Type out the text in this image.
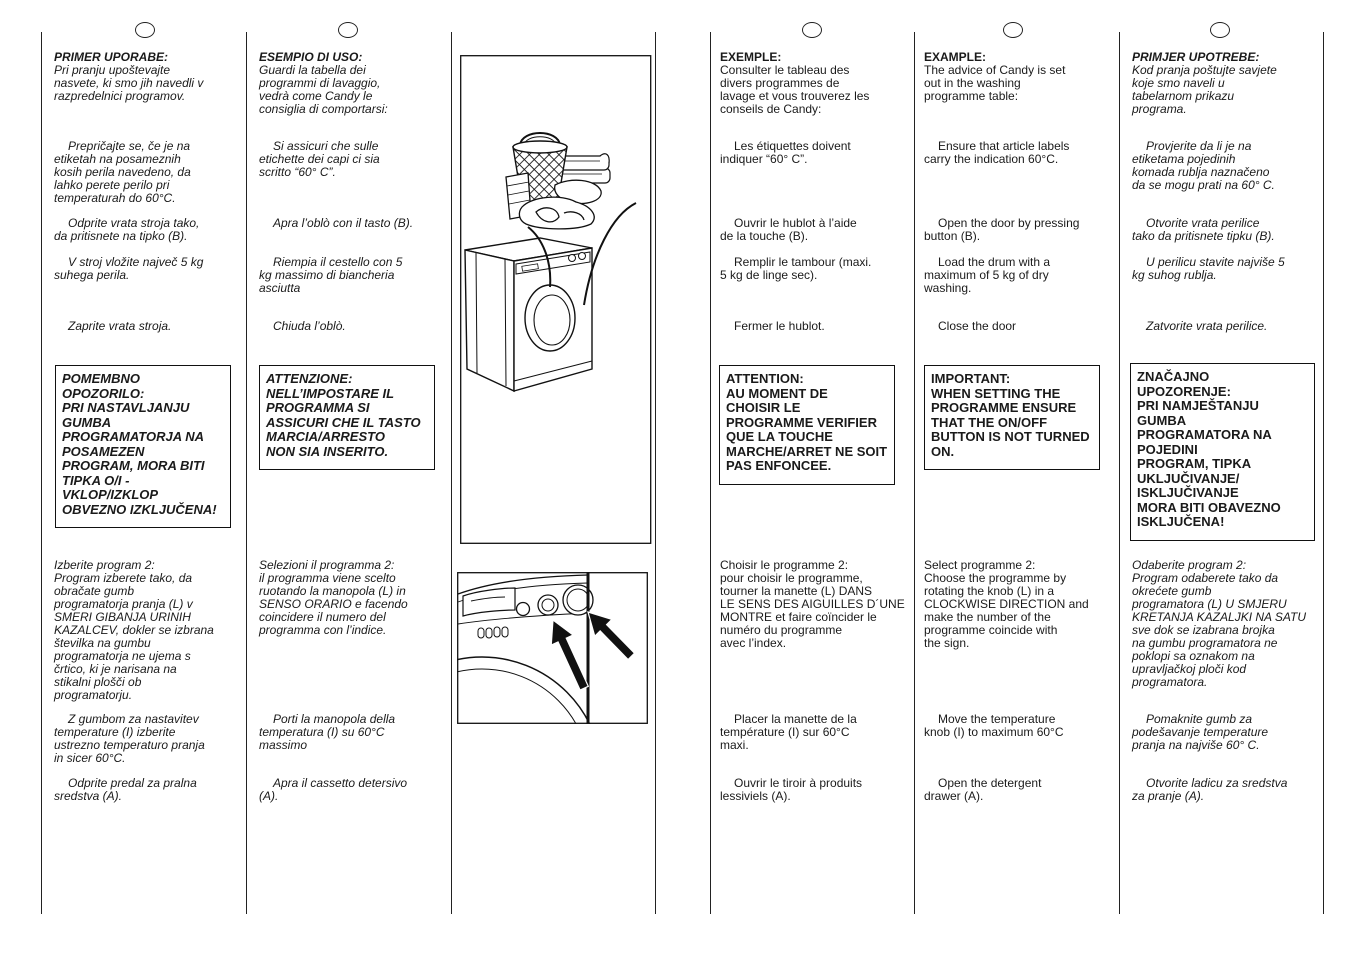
PRIMER UPORABE:
Pri pranju upoštevajte
nasvete, ki smo jih navedli v
razpredelnici programov.
Prepričajte se, če je na
etiketah na posameznih
kosih perila navedeno, da
lahko perete perilo pri
temperaturah do 60°C.
Odprite vrata stroja tako,
da pritisnete na tipko (B).
V stroj vložite največ 5 kg
suhega perila.
Zaprite vrata stroja.
POMEMBNO
OPOZORILO:
PRI NASTAVLJANJU
GUMBA
PROGRAMATORJA NA
POSAMEZEN
PROGRAM, MORA BITI
TIPKA O/I -
VKLOP/IZKLOP
OBVEZNO IZKLJUČENA!
Izberite program 2:
Program izberete tako, da
obračate gumb
programatorja pranja (L) v
SMERI GIBANJA URINIH
KAZALCEV, dokler se izbrana
številka na gumbu
programatorja ne ujema s
črtico, ki je narisana na
stikalni plošči ob
programatorju.
Z gumbom za nastavitev
temperature (I) izberite
ustrezno temperaturo pranja
in sicer 60°C.
Odprite predal za pralna
sredstva (A).
ESEMPIO DI USO:
Guardi la tabella dei
programmi di lavaggio,
vedrà come Candy le
consiglia di comportarsi:
Si assicuri che sulle
etichette dei capi ci sia
scritto “60° C”.
Apra l’oblò con il tasto (B).
Riempia il cestello con 5
kg massimo di biancheria
asciutta
Chiuda l’oblò.
ATTENZIONE:
NELL’IMPOSTARE IL
PROGRAMMA SI
ASSICURI CHE IL TASTO
MARCIA/ARRESTO
NON SIA INSERITO.
Selezioni il programma 2:
il programma viene scelto
ruotando la manopola (L) in
SENSO ORARIO e facendo
coincidere il numero del
programma con l’indice.
Porti la manopola della
temperatura (I) su 60°C
massimo
Apra il cassetto detersivo
(A).
EXEMPLE:
Consulter le tableau des
divers programmes de
lavage et vous trouverez les
conseils de Candy:
Les étiquettes doivent
indiquer “60° C”.
Ouvrir le hublot à l’aide
de la touche (B).
Remplir le tambour (maxi.
5 kg de linge sec).
Fermer le hublot.
ATTENTION:
AU MOMENT DE
CHOISIR LE
PROGRAMME VERIFIER
QUE LA TOUCHE
MARCHE/ARRET NE SOIT
PAS ENFONCEE.
Choisir le programme 2:
pour choisir le programme,
tourner la manette (L) DANS
LE SENS DES AIGUILLES D´UNE
MONTRE et faire coïncider le
numéro du programme
avec l’index.
Placer la manette de la
température (I) sur 60°C
maxi.
Ouvrir le tiroir à produits
lessiviels (A).
EXAMPLE:
The advice of Candy is set
out in the washing
programme table:
Ensure that article labels
carry the indication 60°C.
Open the door by pressing
button (B).
Load the drum with a
maximum of 5 kg of dry
washing.
Close the door
IMPORTANT:
WHEN SETTING THE
PROGRAMME ENSURE
THAT THE ON/OFF
BUTTON IS NOT TURNED
ON.
Select programme 2:
Choose the programme by
rotating the knob (L) in a
CLOCKWISE DIRECTION and
make the number of the
programme coincide with
the sign.
Move the temperature
knob (I) to maximum 60°C
Open the detergent
drawer (A).
PRIMJER UPOTREBE:
Kod pranja poštujte savjete
koje smo naveli u
tabelarnom prikazu
programa.
Provjerite da li je na
etiketama pojedinih
komada rublja naznačeno
da se mogu prati na 60° C.
Otvorite vrata perilice
tako da pritisnete tipku (B).
U perilicu stavite najviše 5
kg suhog rublja.
Zatvorite vrata perilice.
ZNAČAJNO
UPOZORENJE:
PRI NAMJEŠTANJU
GUMBA
PROGRAMATORA NA
POJEDINI
PROGRAM, TIPKA
UKLJUČIVANJE/
ISKLJUČIVANJE
MORA BITI OBAVEZNO
ISKLJUČENA!
Odaberite program 2:
Program odaberete tako da
okrećete gumb
programatora (L) U SMJERU
KRETANJA KAZALJKI NA SATU
sve dok se izabrana brojka
na gumbu programatora ne
poklopi sa oznakom na
upravljačkoj ploči kod
programatora.
Pomaknite gumb za
podešavanje temperature
pranja na najviše 60° C.
Otvorite ladicu za sredstva
za pranje (A).
